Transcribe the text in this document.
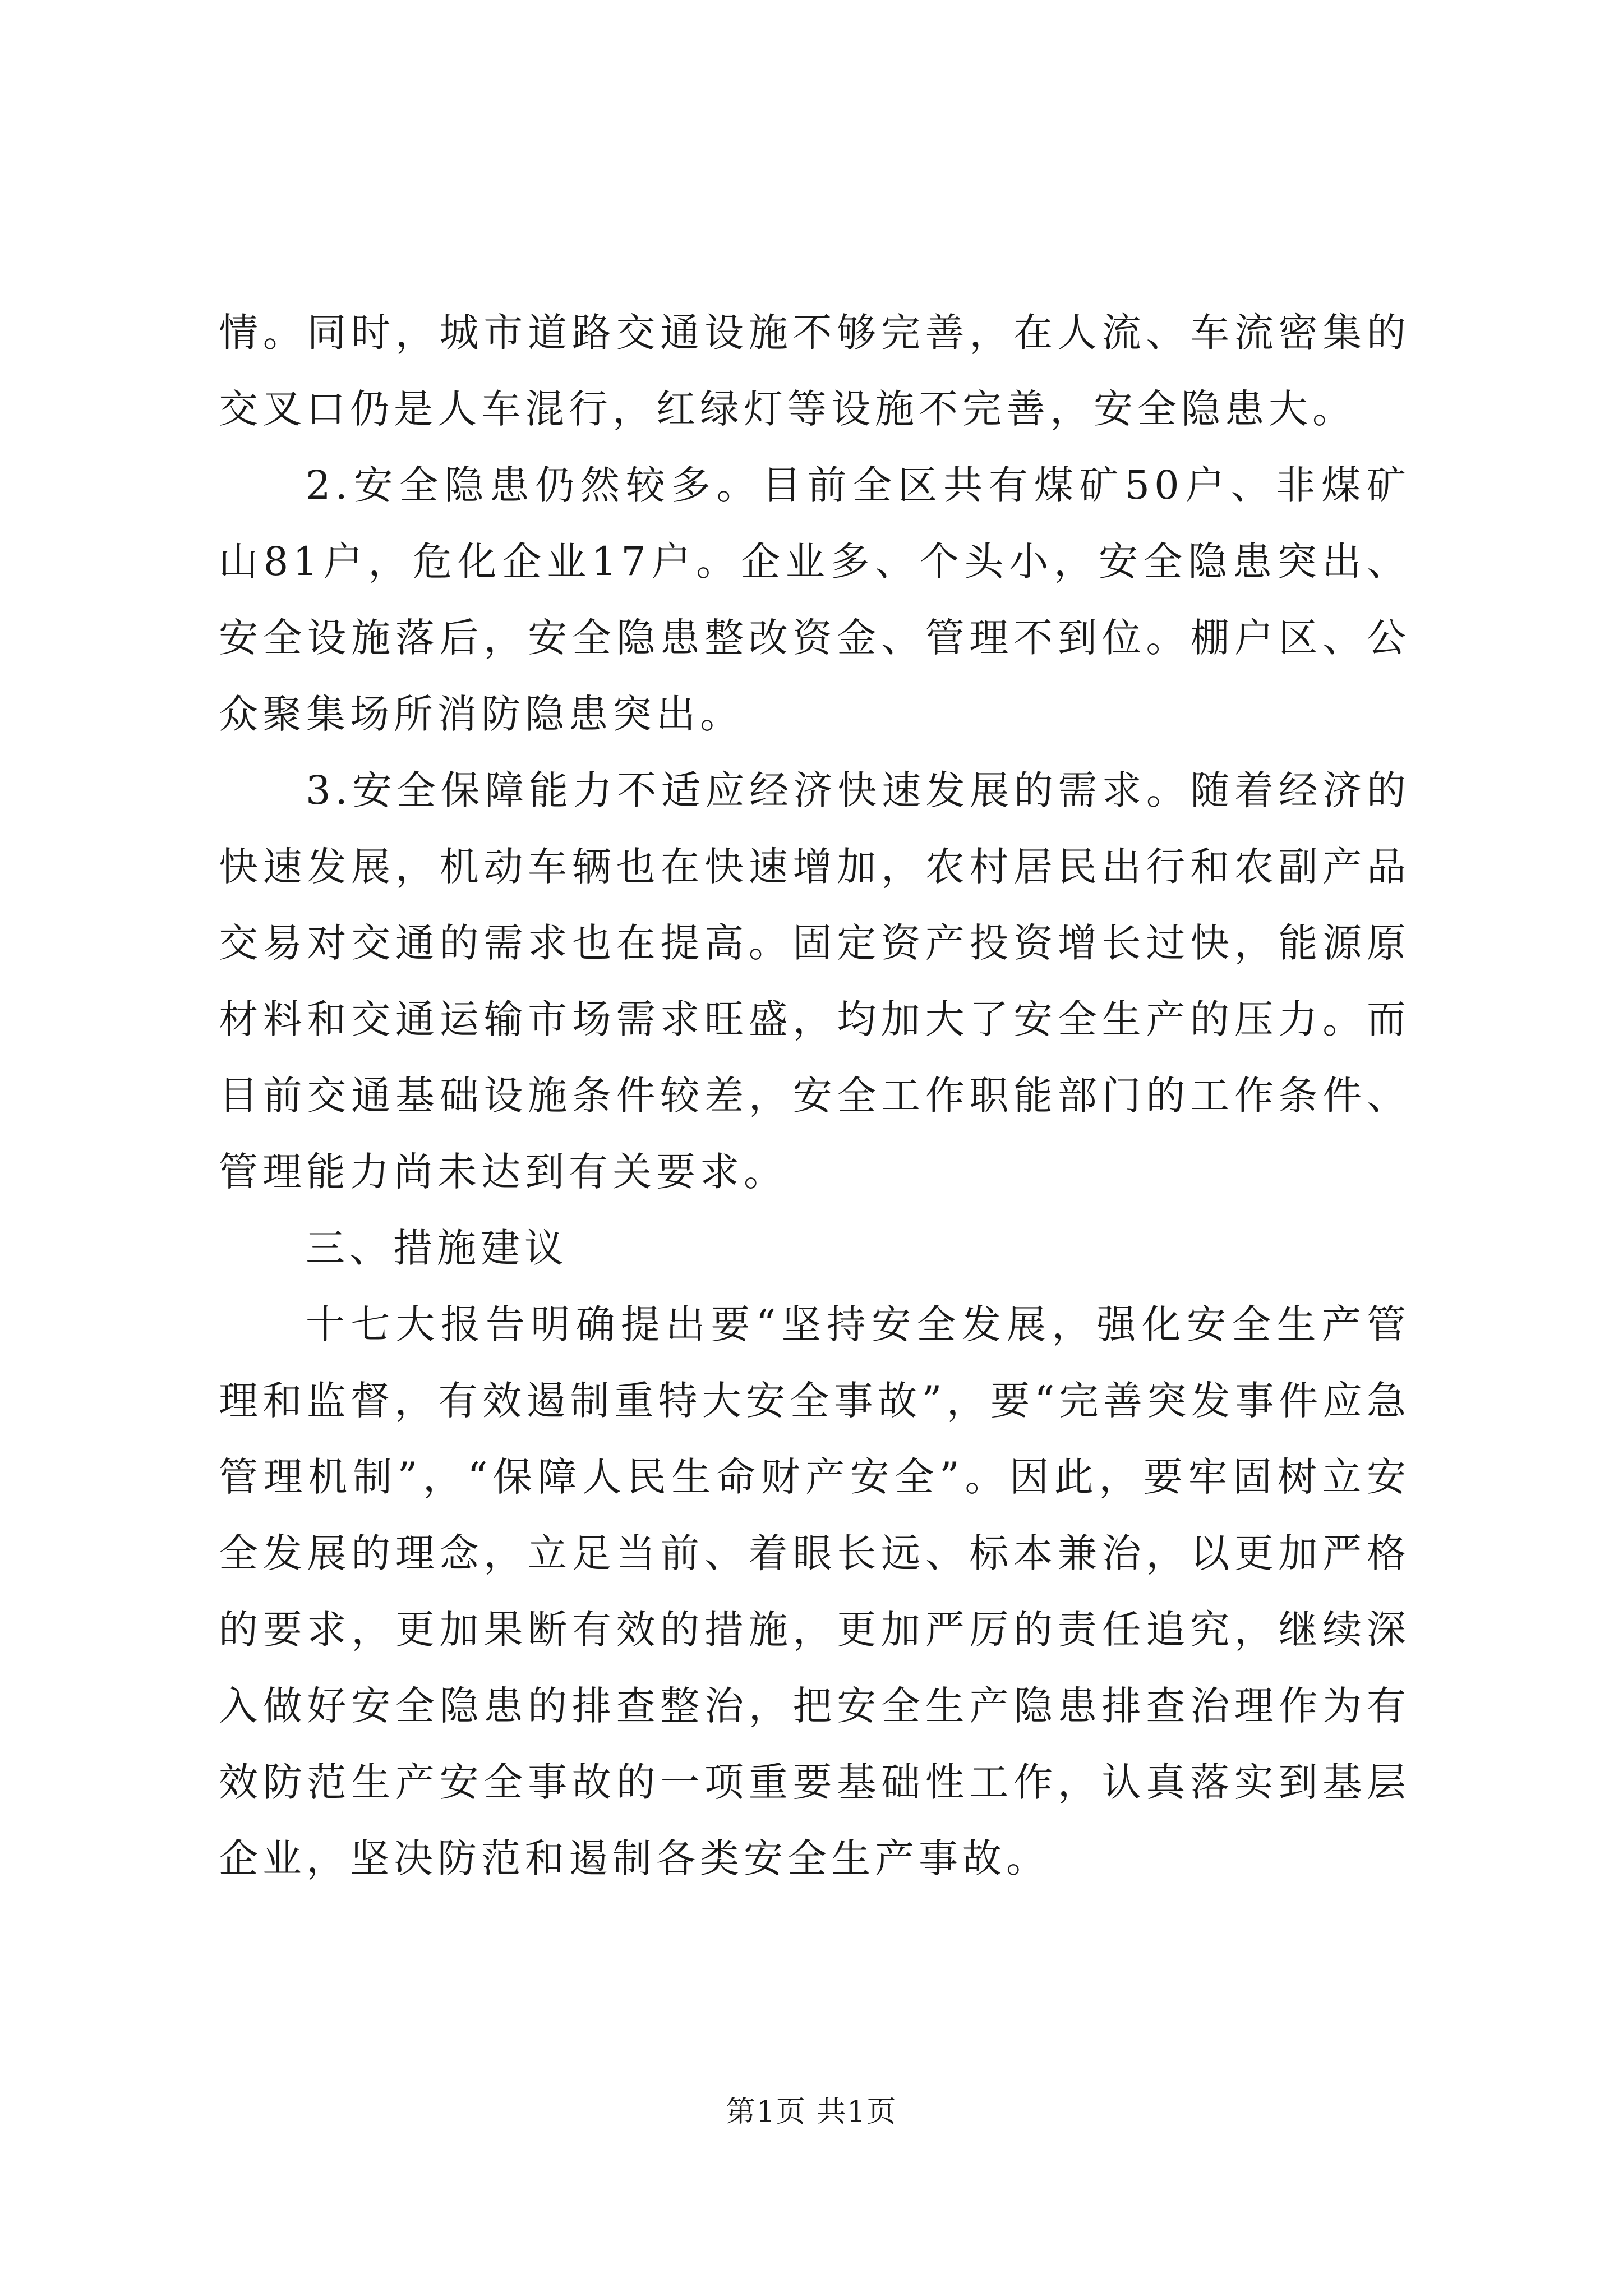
情。同时，城市道路交通设施不够完善，在人流、车流密集的交叉口仍是人车混行，红绿灯等设施不完善，安全隐患大。

2.安全隐患仍然较多。目前全区共有煤矿50户、非煤矿山81户，危化企业17户。企业多、个头小，安全隐患突出、安全设施落后，安全隐患整改资金、管理不到位。棚户区、公众聚集场所消防隐患突出。

3.安全保障能力不适应经济快速发展的需求。随着经济的快速发展，机动车辆也在快速增加，农村居民出行和农副产品交易对交通的需求也在提高。固定资产投资增长过快，能源原材料和交通运输市场需求旺盛，均加大了安全生产的压力。而目前交通基础设施条件较差，安全工作职能部门的工作条件、管理能力尚未达到有关要求。

三、措施建议

十七大报告明确提出要“坚持安全发展，强化安全生产管理和监督，有效遏制重特大安全事故”，要“完善突发事件应急管理机制”，“保障人民生命财产安全”。因此，要牢固树立安全发展的理念，立足当前、着眼长远、标本兼治，以更加严格的要求，更加果断有效的措施，更加严厉的责任追究，继续深入做好安全隐患的排查整治，把安全生产隐患排查治理作为有效防范生产安全事故的一项重要基础性工作，认真落实到基层企业，坚决防范和遏制各类安全生产事故。

第1页 共1页
